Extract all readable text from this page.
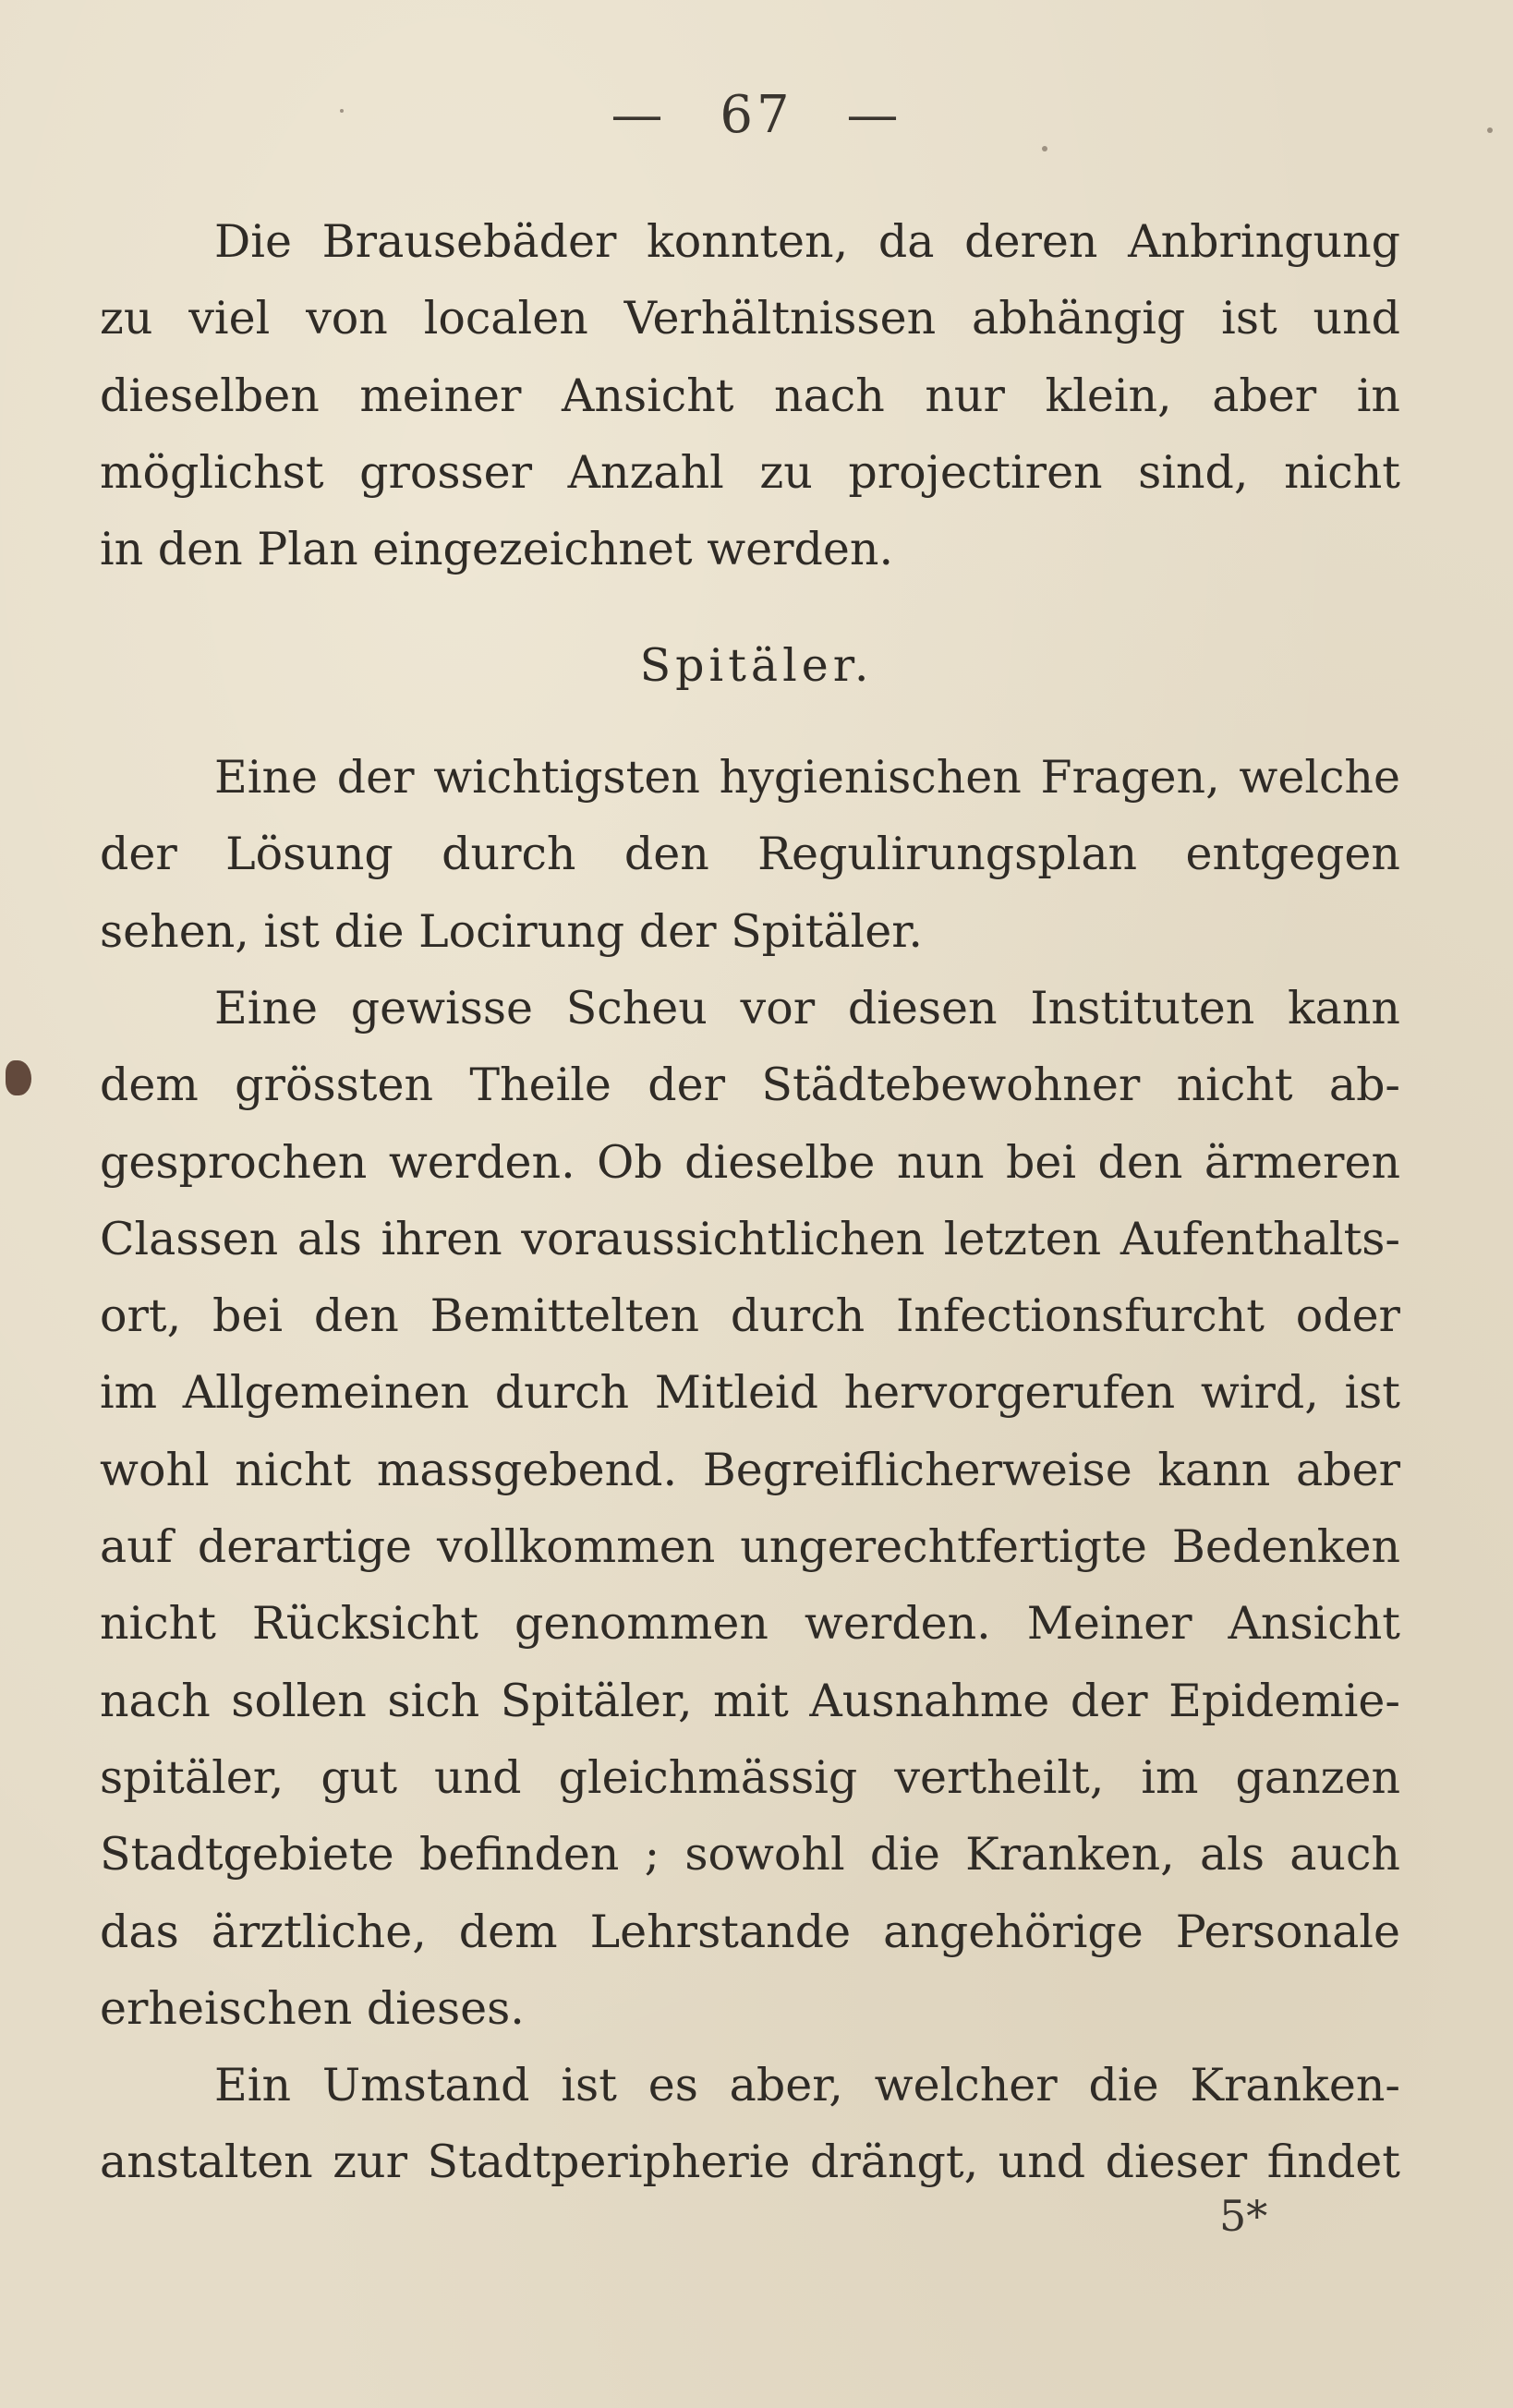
— 67 —
Die Brausebäder konnten, da deren Anbringung
zu viel von localen Verhältnissen abhängig ist und
dieselben meiner Ansicht nach nur klein, aber in
möglichst grosser Anzahl zu projectiren sind, nicht
in den Plan eingezeichnet werden.
Spitäler.
Eine der wichtigsten hygienischen Fragen, welche
der Lösung durch den Regulirungsplan entgegen
sehen, ist die Locirung der Spitäler.
Eine gewisse Scheu vor diesen Instituten kann
dem grössten Theile der Städtebewohner nicht ab-
gesprochen werden. Ob dieselbe nun bei den ärmeren
Classen als ihren voraussichtlichen letzten Aufenthalts-
ort, bei den Bemittelten durch Infectionsfurcht oder
im Allgemeinen durch Mitleid hervorgerufen wird, ist
wohl nicht massgebend. Begreiflicherweise kann aber
auf derartige vollkommen ungerechtfertigte Bedenken
nicht Rücksicht genommen werden. Meiner Ansicht
nach sollen sich Spitäler, mit Ausnahme der Epidemie-
spitäler, gut und gleichmässig vertheilt, im ganzen
Stadtgebiete befinden ; sowohl die Kranken, als auch
das ärztliche, dem Lehrstande angehörige Personale
erheischen dieses.
Ein Umstand ist es aber, welcher die Kranken-
anstalten zur Stadtperipherie drängt, und dieser findet
5*
